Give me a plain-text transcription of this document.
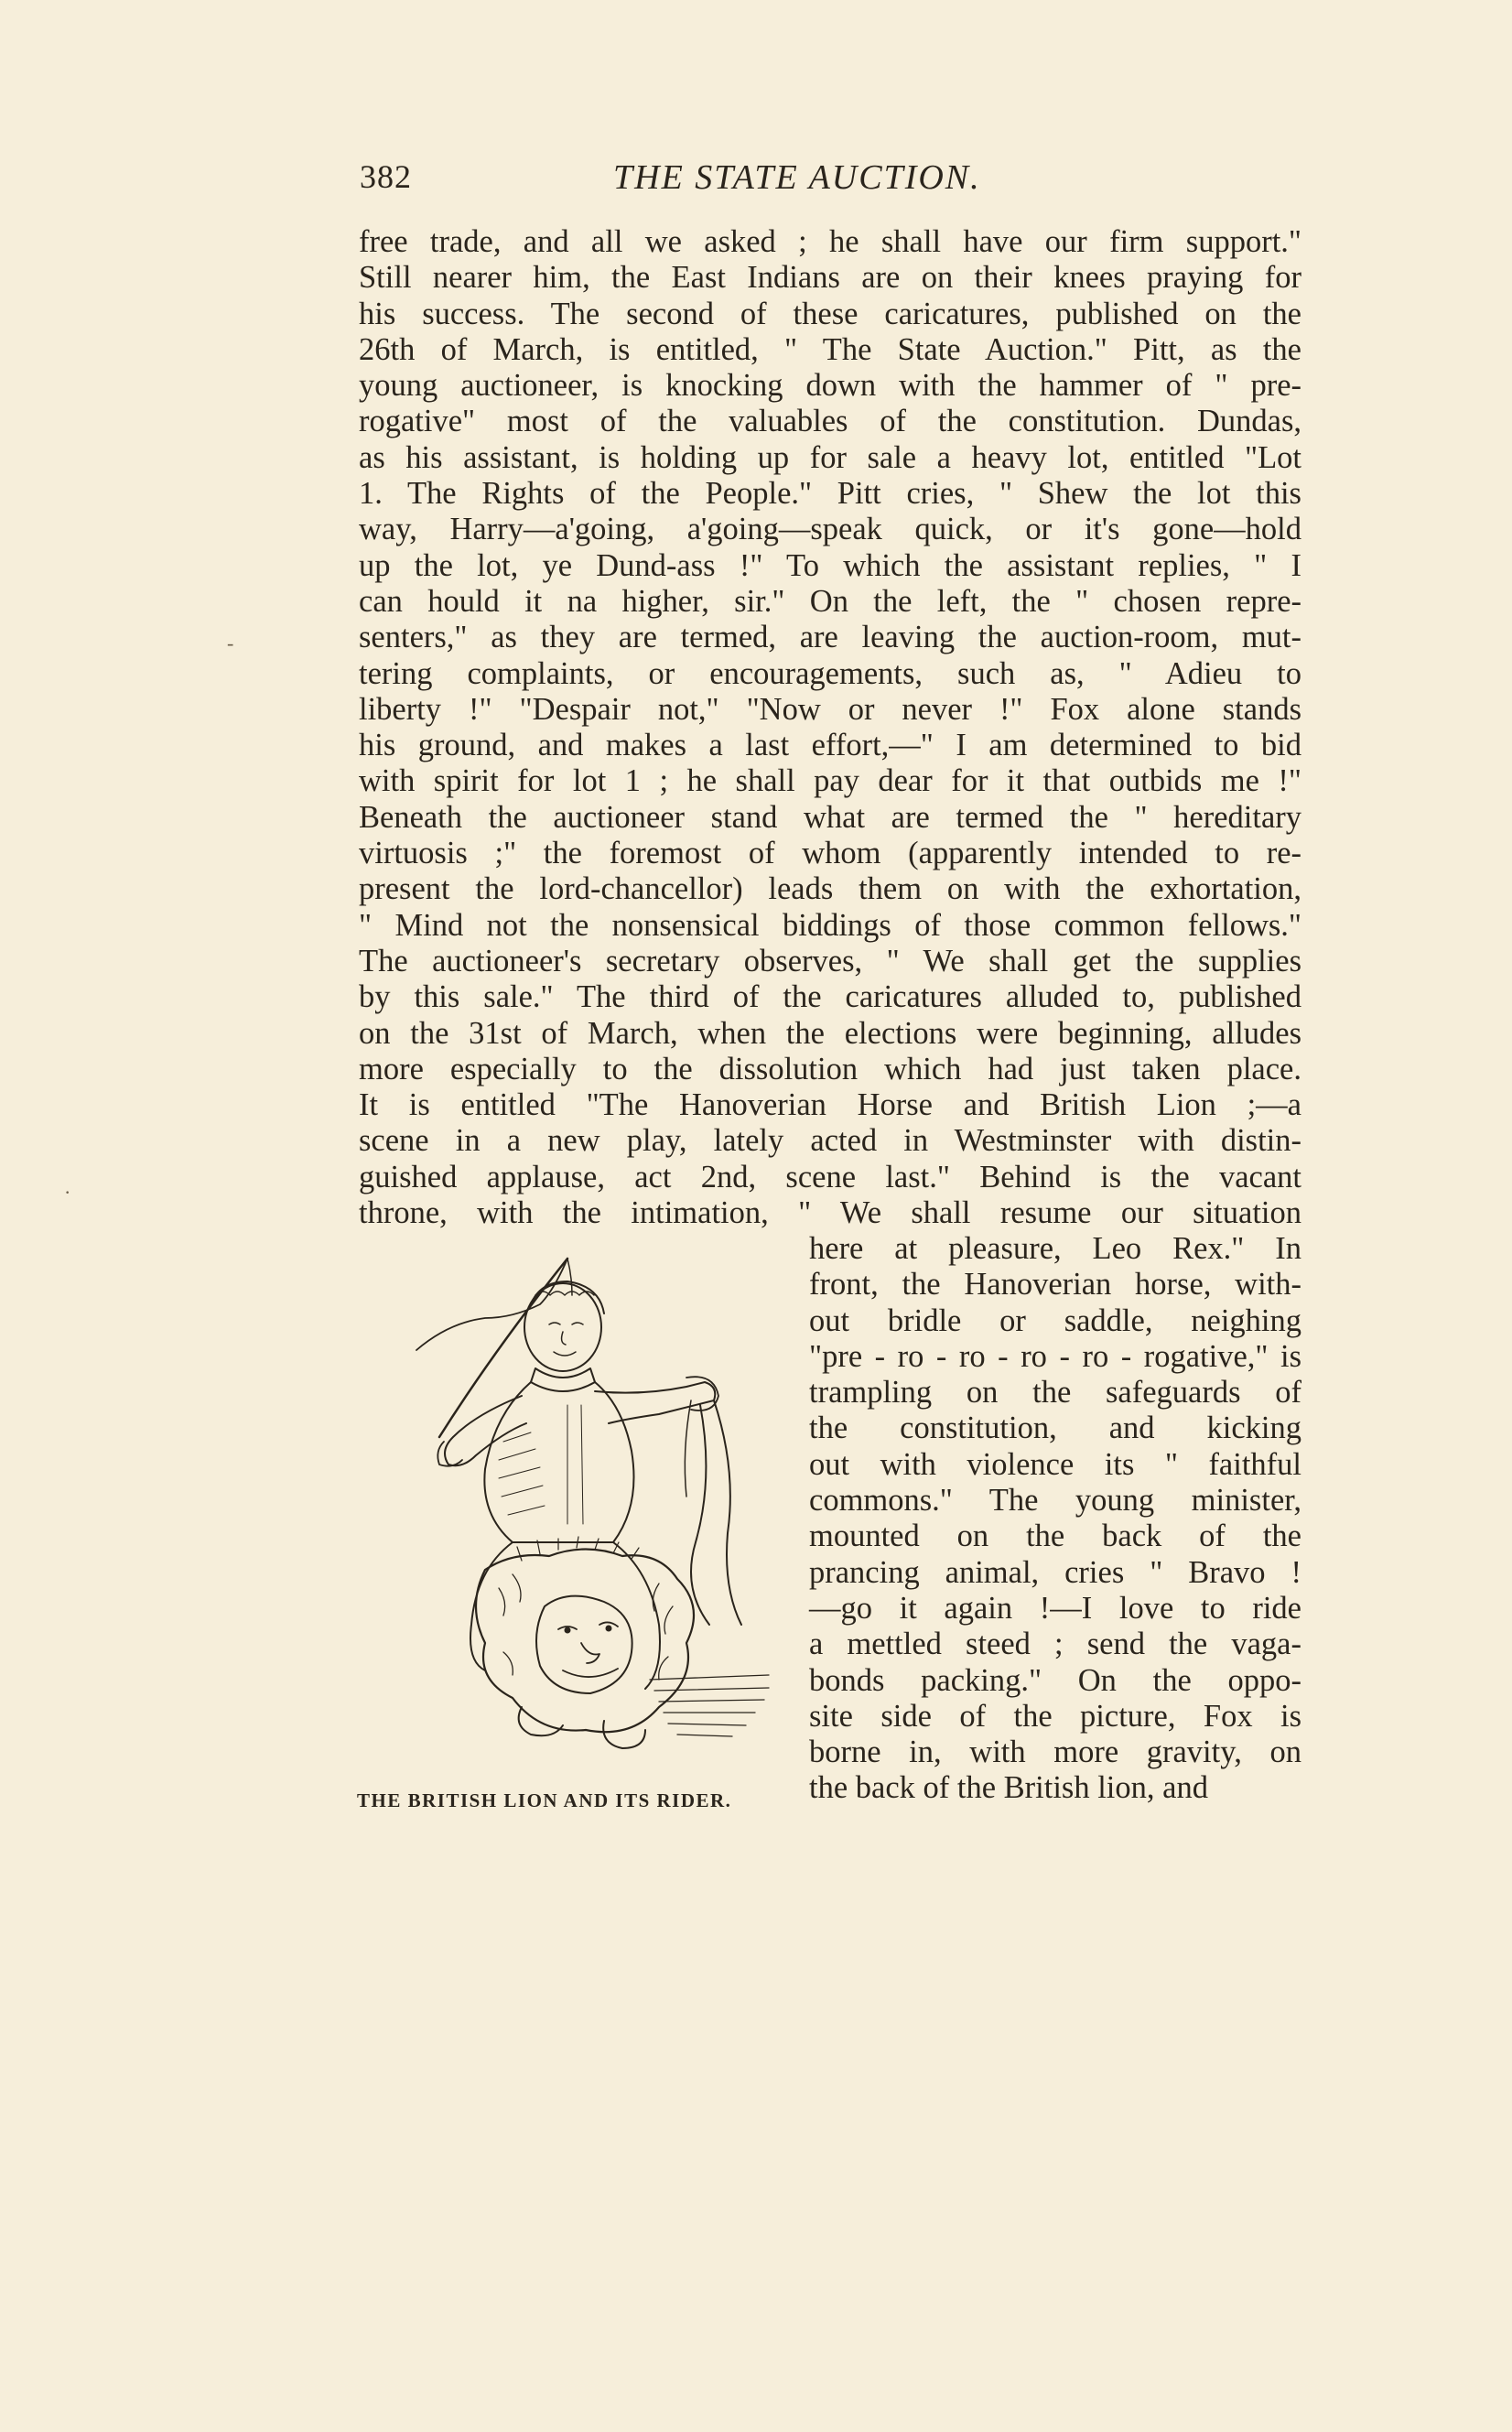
382	THE STATE AUCTION.
free trade, and all we asked ; he shall have our firm support."
Still nearer him, the East Indians are on their knees praying for
his success. The second of these caricatures, published on the
26th of March, is entitled, " The State Auction." Pitt, as the
young auctioneer, is knocking down with the hammer of " pre-
rogative" most of the valuables of the constitution. Dundas,
as his assistant, is holding up for sale a heavy lot, entitled "Lot
1. The Rights of the People." Pitt cries, " Shew the lot this
way, Harry—a'going, a'going—speak quick, or it's gone—hold
up the lot, ye Dund-ass !" To which the assistant replies, " I
can hould it na higher, sir." On the left, the " chosen repre-
senters," as they are termed, are leaving the auction-room, mut-
tering complaints, or encouragements, such as, " Adieu to
liberty !" "Despair not," "Now or never !" Fox alone stands
his ground, and makes a last effort,—" I am determined to bid
with spirit for lot 1 ; he shall pay dear for it that outbids me !"
Beneath the auctioneer stand what are termed the " hereditary
virtuosis ;" the foremost of whom (apparently intended to re-
present the lord-chancellor) leads them on with the exhortation,
" Mind not the nonsensical biddings of those common fellows."
The auctioneer's secretary observes, " We shall get the supplies
by this sale." The third of the caricatures alluded to, published
on the 31st of March, when the elections were beginning, alludes
more especially to the dissolution which had just taken place.
It is entitled "The Hanoverian Horse and British Lion ;—a
scene in a new play, lately acted in Westminster with distin-
guished applause, act 2nd, scene last." Behind is the vacant
throne, with the intimation, " We shall resume our situation
here at pleasure, Leo Rex." In
front, the Hanoverian horse, with-
out bridle or saddle, neighing
"pre - ro - ro - ro - ro - rogative," is
trampling on the safeguards of
the constitution, and kicking
out with violence its " faithful
commons." The young minister,
mounted on the back of the
prancing animal, cries " Bravo !
—go it again !—I love to ride
a mettled steed ; send the vaga-
bonds packing." On the oppo-
site side of the picture, Fox is
borne in, with more gravity, on
the back of the British lion, and
THE BRITISH LION AND ITS RIDER.
‑
·
